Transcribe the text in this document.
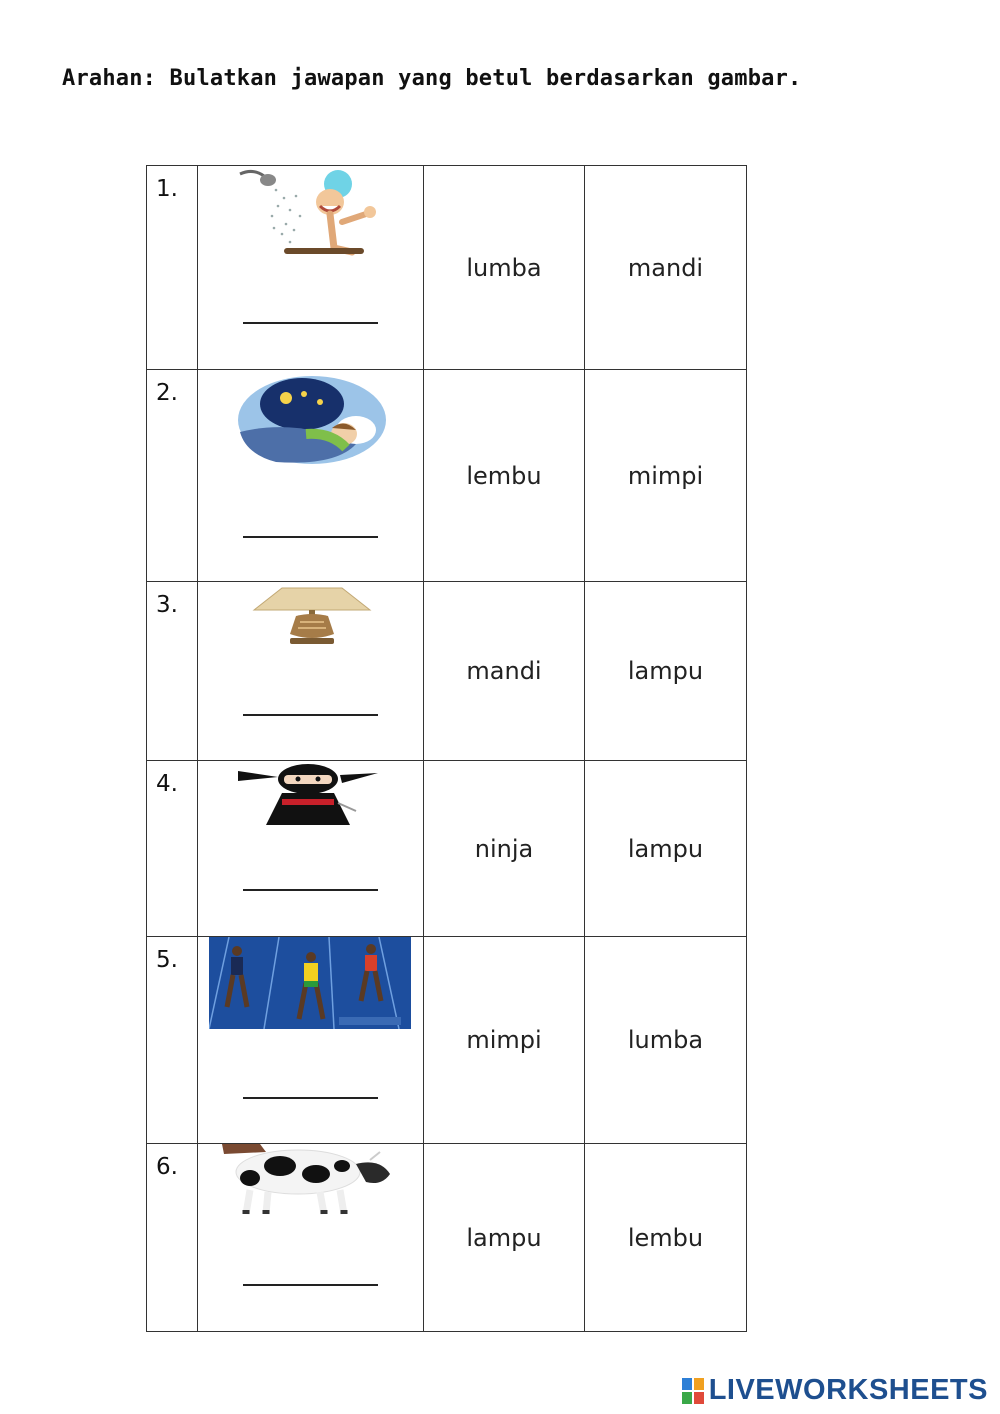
Arahan: Bulatkan jawapan yang betul berdasarkan gambar.
1.		lumba	mandi
2.		lembu	mimpi
3.		mandi	lampu
4.		ninja	lampu
5.		mimpi	lumba
6.		lampu	lembu
LIVEWORKSHEETS
